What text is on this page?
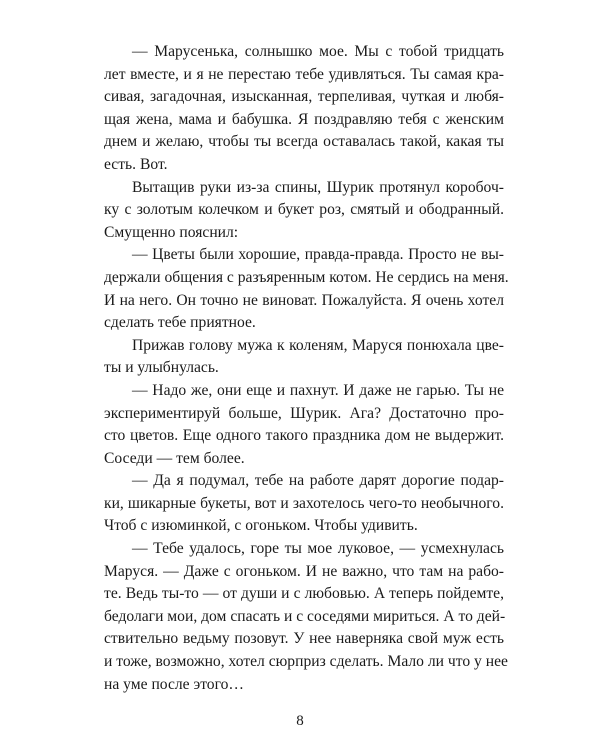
— Марусенька, солнышко мое. Мы с тобой тридцать
лет вместе, и я не перестаю тебе удивляться. Ты самая кра-
сивая, загадочная, изысканная, терпеливая, чуткая и любя-
щая жена, мама и бабушка. Я поздравляю тебя с женским
днем и желаю, чтобы ты всегда оставалась такой, какая ты
есть. Вот.
Вытащив руки из-за спины, Шурик протянул коробоч-
ку с золотым колечком и букет роз, смятый и ободранный.
Смущенно пояснил:
— Цветы были хорошие, правда-правда. Просто не вы-
держали общения с разъяренным котом. Не сердись на меня.
И на него. Он точно не виноват. Пожалуйста. Я очень хотел
сделать тебе приятное.
Прижав голову мужа к коленям, Маруся понюхала цве-
ты и улыбнулась.
— Надо же, они еще и пахнут. И даже не гарью. Ты не
экспериментируй больше, Шурик. Ага? Достаточно про-
сто цветов. Еще одного такого праздника дом не выдержит.
Соседи — тем более.
— Да я подумал, тебе на работе дарят дорогие подар-
ки, шикарные букеты, вот и захотелось чего-то необычного.
Чтоб с изюминкой, с огоньком. Чтобы удивить.
— Тебе удалось, горе ты мое луковое, — усмехнулась
Маруся. — Даже с огоньком. И не важно, что там на рабо-
те. Ведь ты-то — от души и с любовью. А теперь пойдемте,
бедолаги мои, дом спасать и с соседями мириться. А то дей-
ствительно ведьму позовут. У нее наверняка свой муж есть
и тоже, возможно, хотел сюрприз сделать. Мало ли что у нее
на уме после этого…
8
